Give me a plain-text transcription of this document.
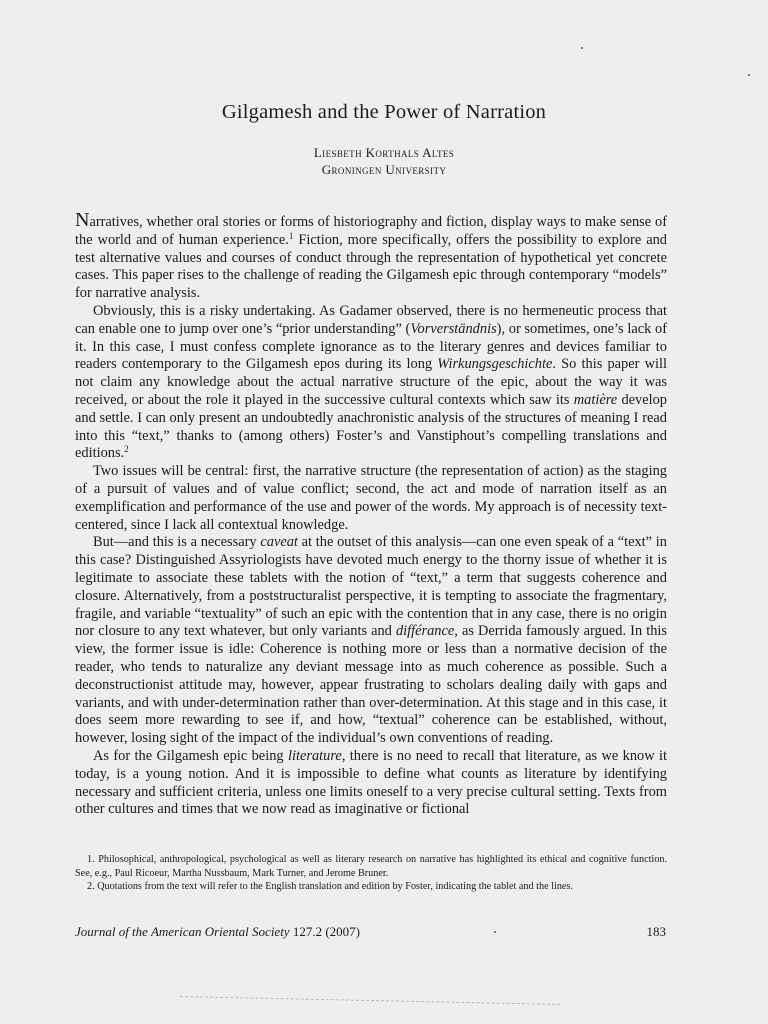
Gilgamesh and the Power of Narration
Liesbeth Korthals Altes
Groningen University

Narratives, whether oral stories or forms of historiography and fiction, display ways to make sense of the world and of human experience.$^1$ Fiction, more specifically, offers the possibility to explore and test alternative values and courses of conduct through the representation of hypothetical yet concrete cases. This paper rises to the challenge of reading the Gilgamesh epic through contemporary “models” for narrative analysis.

Obviously, this is a risky undertaking. As Gadamer observed, there is no hermeneutic process that can enable one to jump over one’s “prior understanding” (Vorverständnis), or sometimes, one’s lack of it. In this case, I must confess complete ignorance as to the literary genres and devices familiar to readers contemporary to the Gilgamesh epos during its long Wirkungsgeschichte. So this paper will not claim any knowledge about the actual narrative structure of the epic, about the way it was received, or about the role it played in the successive cultural contexts which saw its matière develop and settle. I can only present an undoubtedly anachronistic analysis of the structures of meaning I read into this “text,” thanks to (among others) Foster’s and Vanstiphout’s compelling translations and editions.$^2$

Two issues will be central: first, the narrative structure (the representation of action) as the staging of a pursuit of values and of value conflict; second, the act and mode of narration itself as an exemplification and performance of the use and power of the words. My approach is of necessity text-centered, since I lack all contextual knowledge.

But—and this is a necessary caveat at the outset of this analysis—can one even speak of a “text” in this case? Distinguished Assyriologists have devoted much energy to the thorny issue of whether it is legitimate to associate these tablets with the notion of “text,” a term that suggests coherence and closure. Alternatively, from a poststructuralist perspective, it is tempting to associate the fragmentary, fragile, and variable “textuality” of such an epic with the contention that in any case, there is no origin nor closure to any text whatever, but only variants and différance, as Derrida famously argued. In this view, the former issue is idle: Coherence is nothing more or less than a normative decision of the reader, who tends to naturalize any deviant message into as much coherence as possible. Such a deconstructionist attitude may, however, appear frustrating to scholars dealing daily with gaps and variants, and with under-determination rather than over-determination. At this stage and in this case, it does seem more rewarding to see if, and how, “textual” coherence can be established, without, however, losing sight of the impact of the individual’s own conventions of reading.

As for the Gilgamesh epic being literature, there is no need to recall that literature, as we know it today, is a young notion. And it is impossible to define what counts as literature by identifying necessary and sufficient criteria, unless one limits oneself to a very precise cultural setting. Texts from other cultures and times that we now read as imaginative or fictional

1. Philosophical, anthropological, psychological as well as literary research on narrative has highlighted its ethical and cognitive function. See, e.g., Paul Ricoeur, Martha Nussbaum, Mark Turner, and Jerome Bruner.

2. Quotations from the text will refer to the English translation and edition by Foster, indicating the tablet and the lines.

Journal of the American Oriental Society 127.2 (2007)	183
